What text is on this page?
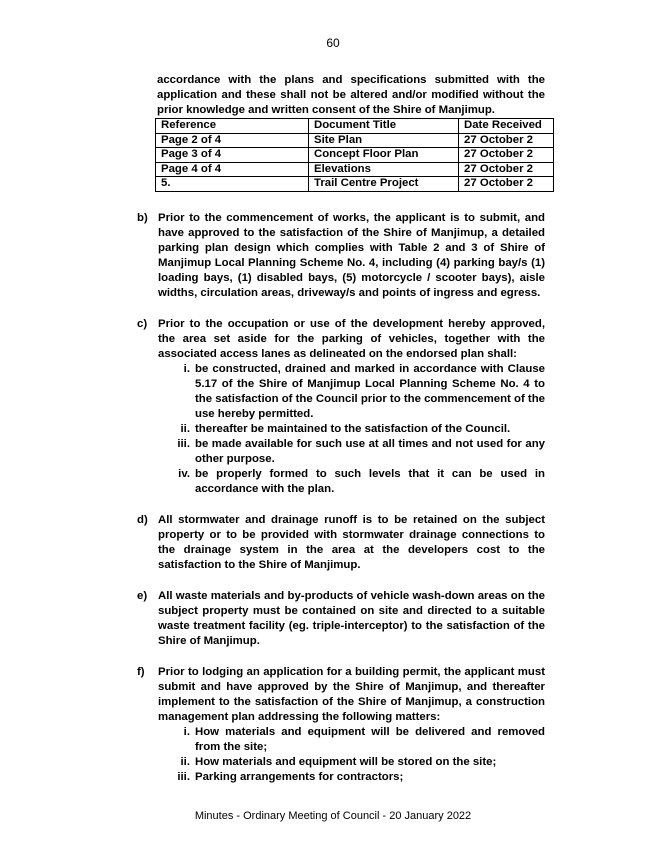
60
accordance with the plans and specifications submitted with the application and these shall not be altered and/or modified without the prior knowledge and written consent of the Shire of Manjimup.
Reference	Document Title	Date Received
Page 2 of 4	Site Plan	27 October 2
Page 3 of 4	Concept Floor Plan	27 October 2
Page 4 of 4	Elevations	27 October 2
5.	Trail Centre Project	27 October 2
b) Prior to the commencement of works, the applicant is to submit, and have approved to the satisfaction of the Shire of Manjimup, a detailed parking plan design which complies with Table 2 and 3 of Shire of Manjimup Local Planning Scheme No. 4, including (4) parking bay/s (1) loading bays, (1) disabled bays, (5) motorcycle / scooter bays), aisle widths, circulation areas, driveway/s and points of ingress and egress.
c) Prior to the occupation or use of the development hereby approved, the area set aside for the parking of vehicles, together with the associated access lanes as delineated on the endorsed plan shall:
i. be constructed, drained and marked in accordance with Clause 5.17 of the Shire of Manjimup Local Planning Scheme No. 4 to the satisfaction of the Council prior to the commencement of the use hereby permitted.
ii. thereafter be maintained to the satisfaction of the Council.
iii. be made available for such use at all times and not used for any other purpose.
iv. be properly formed to such levels that it can be used in accordance with the plan.
d) All stormwater and drainage runoff is to be retained on the subject property or to be provided with stormwater drainage connections to the drainage system in the area at the developers cost to the satisfaction to the Shire of Manjimup.
e) All waste materials and by-products of vehicle wash-down areas on the subject property must be contained on site and directed to a suitable waste treatment facility (eg. triple-interceptor) to the satisfaction of the Shire of Manjimup.
f) Prior to lodging an application for a building permit, the applicant must submit and have approved by the Shire of Manjimup, and thereafter implement to the satisfaction of the Shire of Manjimup, a construction management plan addressing the following matters:
i. How materials and equipment will be delivered and removed from the site;
ii. How materials and equipment will be stored on the site;
iii. Parking arrangements for contractors;
Minutes - Ordinary Meeting of Council - 20 January 2022
